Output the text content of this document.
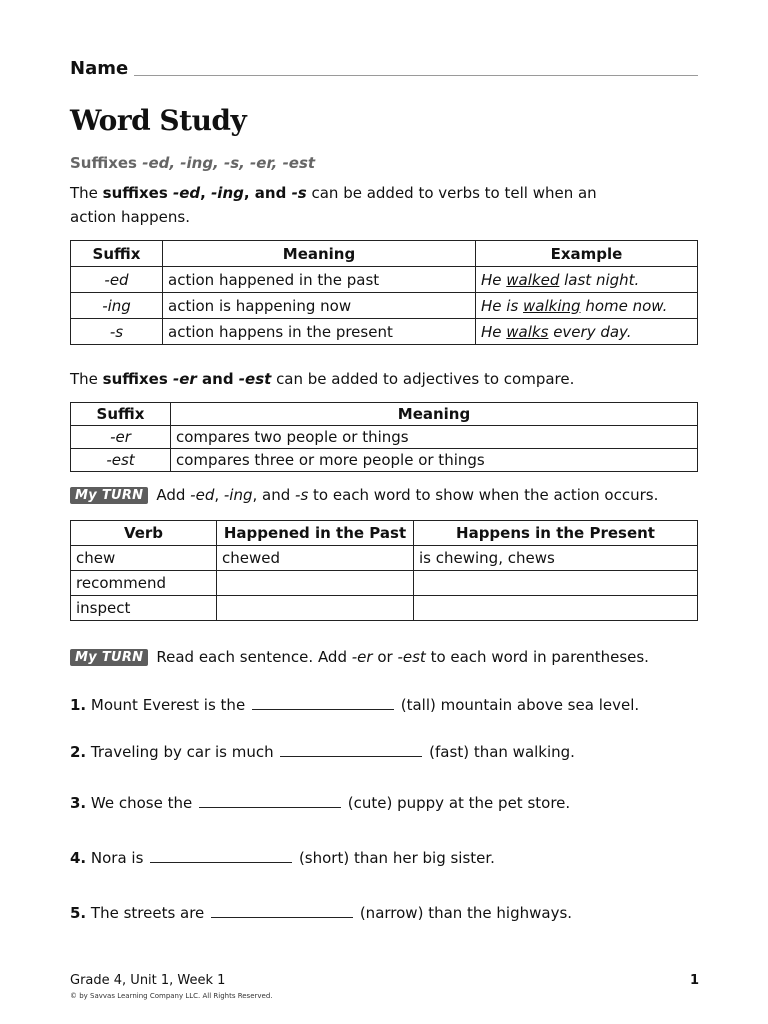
Name
Word Study
Suffixes -ed, -ing, -s, -er, -est
The suffixes -ed, -ing, and -s can be added to verbs to tell when an action happens.
Suffix	Meaning	Example
-ed	action happened in the past	He walked last night.
-ing	action is happening now	He is walking home now.
-s	action happens in the present	He walks every day.
The suffixes -er and -est can be added to adjectives to compare.
Suffix	Meaning
-er	compares two people or things
-est	compares three or more people or things
My TURN Add -ed, -ing, and -s to each word to show when the action occurs.
Verb	Happened in the Past	Happens in the Present
chew	chewed	is chewing, chews
recommend		
inspect		
My TURN Read each sentence. Add -er or -est to each word in parentheses.
1. Mount Everest is the	(tall) mountain above sea level.
2. Traveling by car is much	(fast) than walking.
3. We chose the	(cute) puppy at the pet store.
4. Nora is	(short) than her big sister.
5. The streets are	(narrow) than the highways.
Grade 4, Unit 1, Week 1
© by Savvas Learning Company LLC. All Rights Reserved.
1
